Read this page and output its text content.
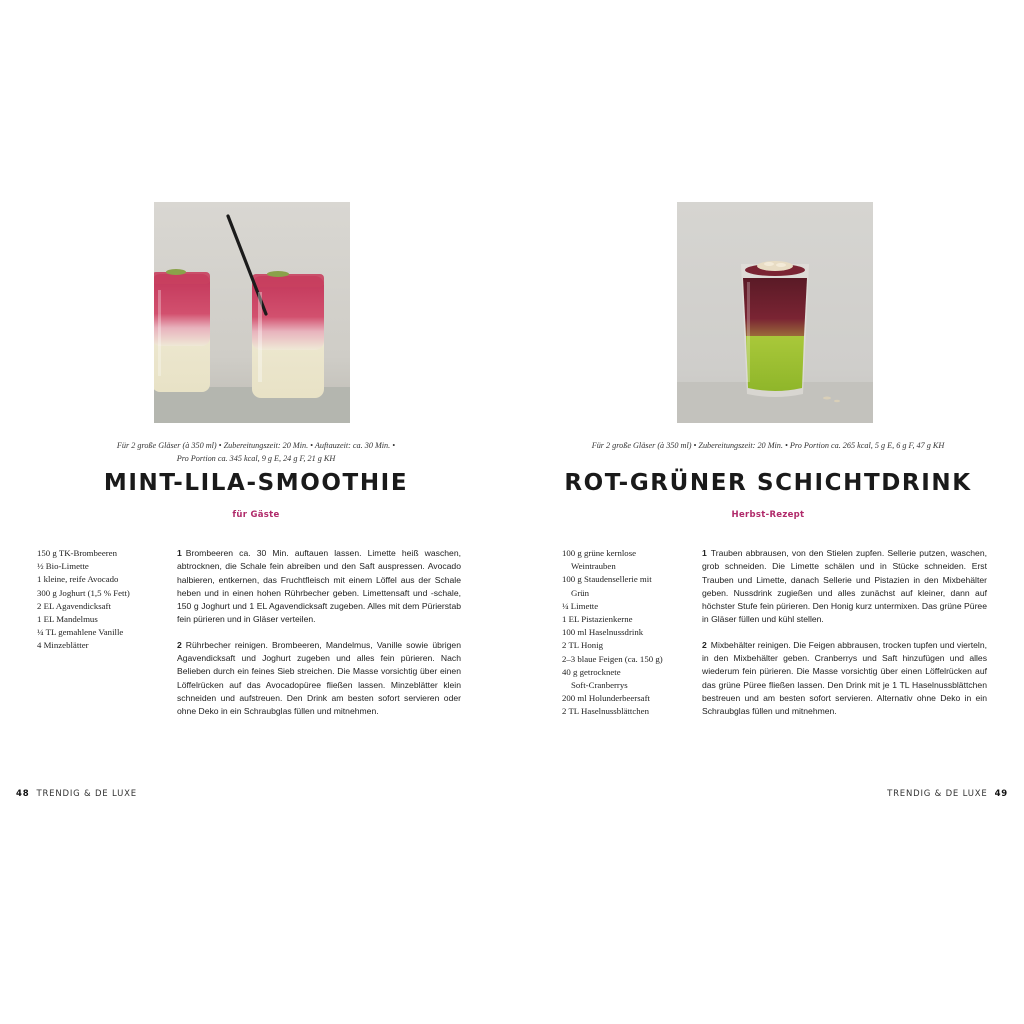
Für 2 große Gläser (à 350 ml) • Zubereitungszeit: 20 Min. • Auftauzeit: ca. 30 Min. •
Pro Portion ca. 345 kcal, 9 g E, 24 g F, 21 g KH
MINT-LILA-SMOOTHIE
für Gäste
150 g TK-Brombeeren
½ Bio-Limette
1 kleine, reife Avocado
300 g Joghurt (1,5 % Fett)
2 EL Agavendicksaft
1 EL Mandelmus
¼ TL gemahlene Vanille
4 Minzeblätter

1 Brombeeren ca. 30 Min. auftauen lassen. Limette heiß waschen, abtrocknen, die Schale fein abreiben und den Saft auspressen. Avocado halbieren, entkernen, das Fruchtfleisch mit einem Löffel aus der Schale heben und in einen hohen Rührbecher geben. Limettensaft und -schale, 150 g Joghurt und 1 EL Agavendicksaft zugeben. Alles mit dem Pürierstab fein pürieren und in Gläser verteilen.

2 Rührbecher reinigen. Brombeeren, Mandelmus, Vanille sowie übrigen Agavendicksaft und Joghurt zugeben und alles fein pürieren. Nach Belieben durch ein feines Sieb streichen. Die Masse vorsichtig über einen Löffelrücken auf das Avocadopüree fließen lassen. Minzeblätter klein schneiden und aufstreuen. Den Drink am besten sofort servieren oder ohne Deko in ein Schraubglas füllen und mitnehmen.

48 TRENDIG & DE LUXE
Für 2 große Gläser (à 350 ml) • Zubereitungszeit: 20 Min. • Pro Portion ca. 265 kcal, 5 g E, 6 g F, 47 g KH
ROT-GRÜNER SCHICHTDRINK
Herbst-Rezept
100 g grüne kernlose
Weintrauben
100 g Staudensellerie mit
Grün
¼ Limette
1 EL Pistazienkerne
100 ml Haselnussdrink
2 TL Honig
2–3 blaue Feigen (ca. 150 g)
40 g getrocknete
Soft-Cranberrys
200 ml Holunderbeersaft
2 TL Haselnussblättchen

1 Trauben abbrausen, von den Stielen zupfen. Sellerie putzen, waschen, grob schneiden. Die Limette schälen und in Stücke schneiden. Erst Trauben und Limette, danach Sellerie und Pistazien in den Mixbehälter geben. Nussdrink zugießen und alles zunächst auf kleiner, dann auf höchster Stufe fein pürieren. Den Honig kurz untermixen. Das grüne Püree in Gläser füllen und kühl stellen.

2 Mixbehälter reinigen. Die Feigen abbrausen, trocken tupfen und vierteln, in den Mixbehälter geben. Cranberrys und Saft hinzufügen und alles wiederum fein pürieren. Die Masse vorsichtig über einen Löffelrücken auf das grüne Püree fließen lassen. Den Drink mit je 1 TL Haselnussblättchen bestreuen und am besten sofort servieren. Alternativ ohne Deko in ein Schraubglas füllen und mitnehmen.

TRENDIG & DE LUXE 49
